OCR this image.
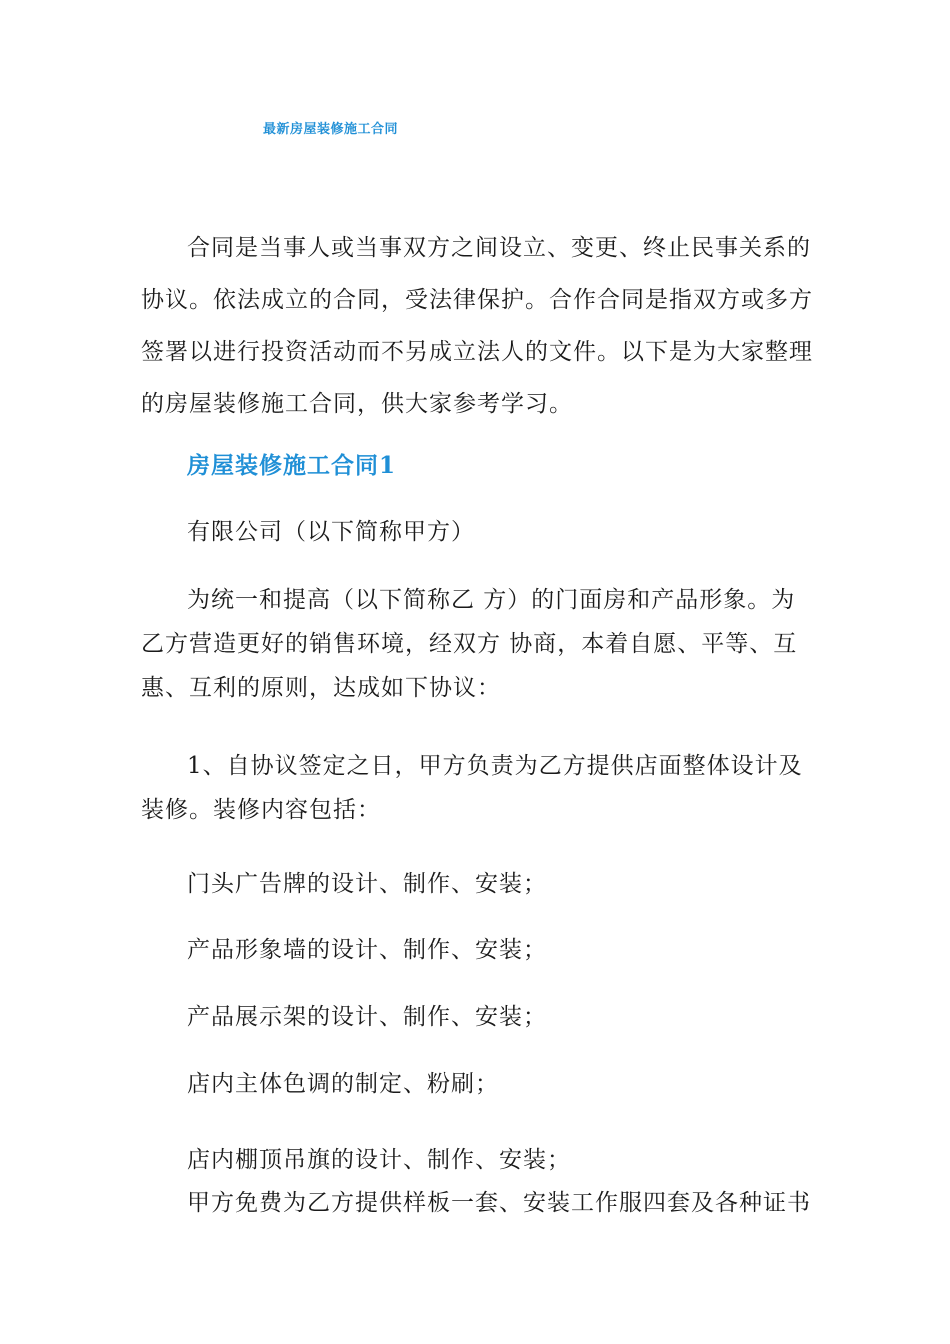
最新房屋装修施工合同

合同是当事人或当事双方之间设立、变更、终止民事关系的协议。依法成立的合同，受法律保护。合作合同是指双方或多方签署以进行投资活动而不另成立法人的文件。以下是为大家整理的房屋装修施工合同，供大家参考学习。

房屋装修施工合同1
有限公司（以下简称甲方）

为统一和提高（以下简称乙 方）的门面房和产品形象。为乙方营造更好的销售环境，经双方 协商，本着自愿、平等、互惠、互利的原则，达成如下协议：

1、自协议签定之日，甲方负责为乙方提供店面整体设计及装修。装修内容包括：

门头广告牌的设计、制作、安装；
产品形象墙的设计、制作、安装；
产品展示架的设计、制作、安装；
店内主体色调的制定、粉刷；
店内棚顶吊旗的设计、制作、安装；
甲方免费为乙方提供样板一套、安装工作服四套及各种证书
